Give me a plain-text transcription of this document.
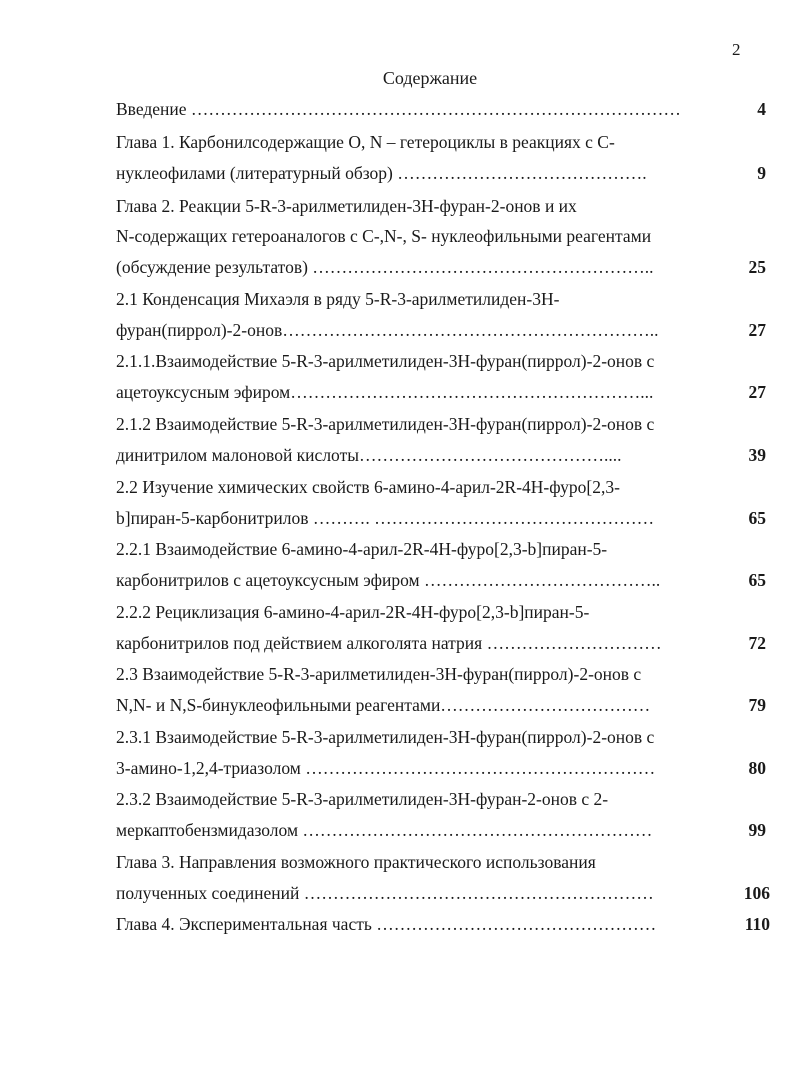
2
Содержание
Введение …………………………………………………………………………	4
Глава 1. Карбонилсодержащие О, N – гетероциклы в реакциях с С-
нуклеофилами (литературный обзор) …………………………………….	9
Глава 2. Реакции 5-R-3-арилметилиден-3Н-фуран-2-онов и их
N-содержащих гетероаналогов с С-,N-, S- нуклеофильными реагентами
(обсуждение результатов) …………………………………………………..	25
2.1 Конденсация Михаэля в ряду 5-R-3-арилметилиден-3Н-
фуран(пиррол)-2-онов………………………………………………………..	27
2.1.1.Взаимодействие 5-R-3-арилметилиден-3Н-фуран(пиррол)-2-онов с
ацетоуксусным эфиром……………………………………………………...	27
2.1.2 Взаимодействие 5-R-3-арилметилиден-3Н-фуран(пиррол)-2-онов с
динитрилом малоновой кислоты……………………………………....	39
2.2 Изучение химических свойств 6-амино-4-арил-2R-4Н-фуро[2,3-
b]пиран-5-карбонитрилов ………. …………………………………………	65
2.2.1 Взаимодействие 6-амино-4-арил-2R-4Н-фуро[2,3-b]пиран-5-
карбонитрилов с ацетоуксусным эфиром …………………………………..	65
2.2.2 Рециклизация 6-амино-4-арил-2R-4Н-фуро[2,3-b]пиран-5-
карбонитрилов под действием алкоголята натрия …………………………	72
2.3 Взаимодействие 5-R-3-арилметилиден-3Н-фуран(пиррол)-2-онов с
N,N- и N,S-бинуклеофильными реагентами………………………………	79
2.3.1 Взаимодействие 5-R-3-арилметилиден-3Н-фуран(пиррол)-2-онов с
3-амино-1,2,4-триазолом ……………………………………………………	80
2.3.2 Взаимодействие 5-R-3-арилметилиден-3Н-фуран-2-онов с 2-
меркаптобензмидазолом ……………………………………………………	99
Глава 3. Направления возможного практического использования
полученных соединений ……………………………………………………	106
Глава 4. Экспериментальная часть …………………………………………	110
